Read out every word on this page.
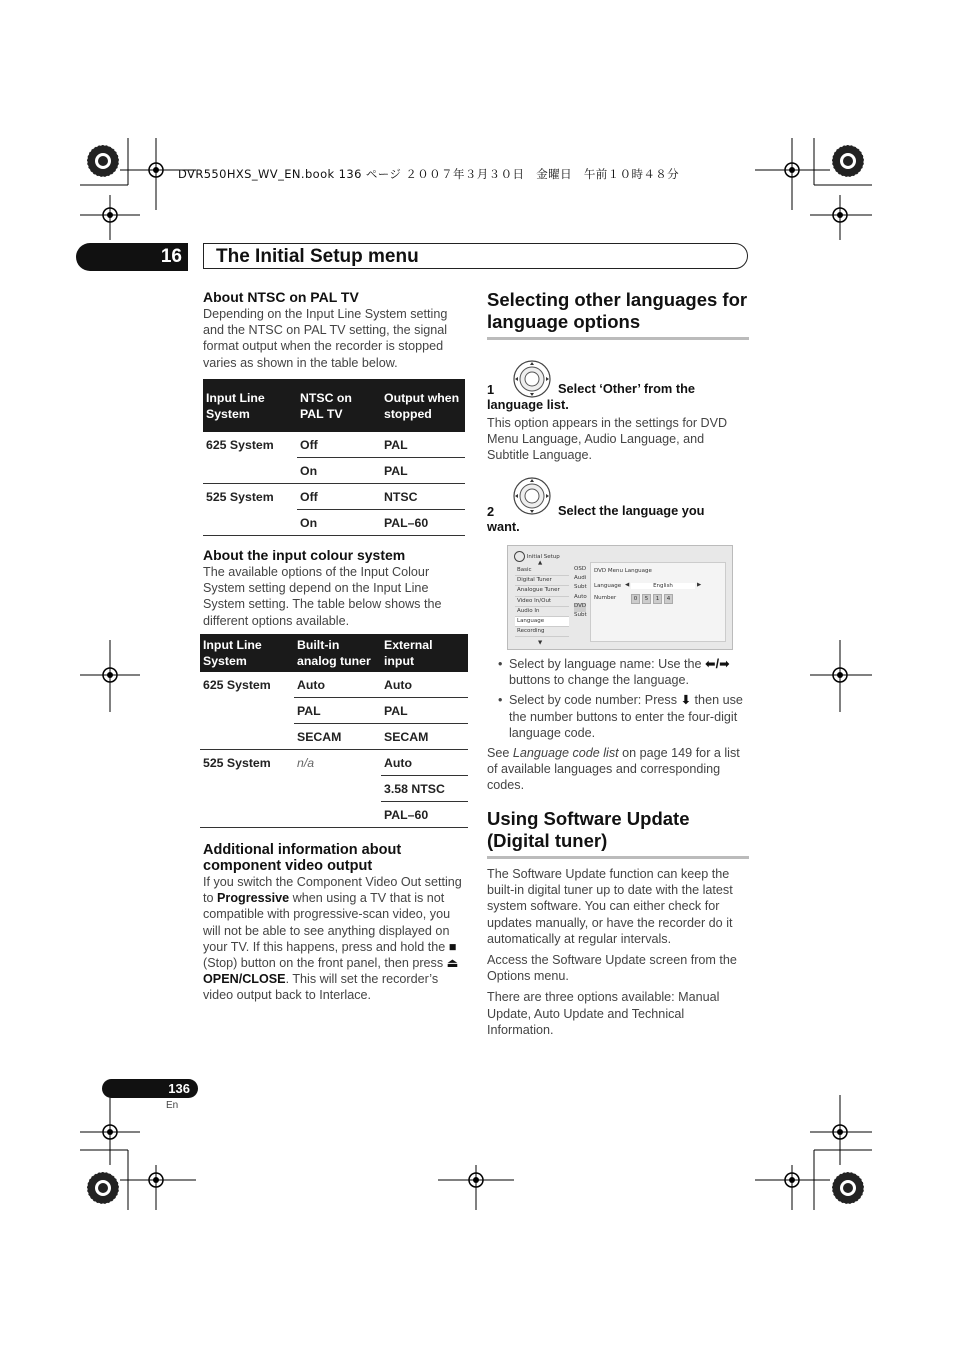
DVR550HXS_WV_EN.book 136 ページ ２００７年３月３０日　金曜日　午前１０時４８分
16	The Initial Setup menu
About NTSC on PAL TV

Depending on the Input Line System setting and the NTSC on PAL TV setting, the signal format output when the recorder is stopped varies as shown in the table below.

Input Line System	NTSC on PAL TV	Output when stopped
625 System	Off	PAL
	On	PAL
525 System	Off	NTSC
	On	PAL–60
About the input colour system

The available options of the Input Colour System setting depend on the Input Line System setting. The table below shows the different options available.

Input Line System	Built-in analog tuner	External input
625 System	Auto	Auto
	PAL	PAL
	SECAM	SECAM
525 System	n/a	Auto
		3.58 NTSC
		PAL–60
Additional information about component video output

If you switch the Component Video Out setting to Progressive when using a TV that is not compatible with progressive-scan video, you will not be able to see anything displayed on your TV. If this happens, press and hold the ■ (Stop) button on the front panel, then press ⏏ OPEN/CLOSE. This will set the recorder’s video output back to Interlace.

Selecting other languages for language options
1	Select ‘Other’ from the language list.

This option appears in the settings for DVD Menu Language, Audio Language, and Subtitle Language.

2	Select the language you want.
Initial Setup
▲
Basic
Digital Tuner
Analogue Tuner
Video In/Out
Audio In
Language
Recording
▼
OSD
Audi
Subt
Auto
DVD
Subt
DVD Menu Language
Language ◀	English	▶
Number	0 5 1 4

• Select by language name: Use the ⬅/➡ buttons to change the language.

• Select by code number: Press ⬇ then use the number buttons to enter the four-digit language code.

See Language code list on page 149 for a list of available languages and corresponding codes.

Using Software Update (Digital tuner)

The Software Update function can keep the built-in digital tuner up to date with the latest system software. You can either check for updates manually, or have the recorder do it automatically at regular intervals.

Access the Software Update screen from the Options menu.

There are three options available: Manual Update, Auto Update and Technical Information.

136
En
